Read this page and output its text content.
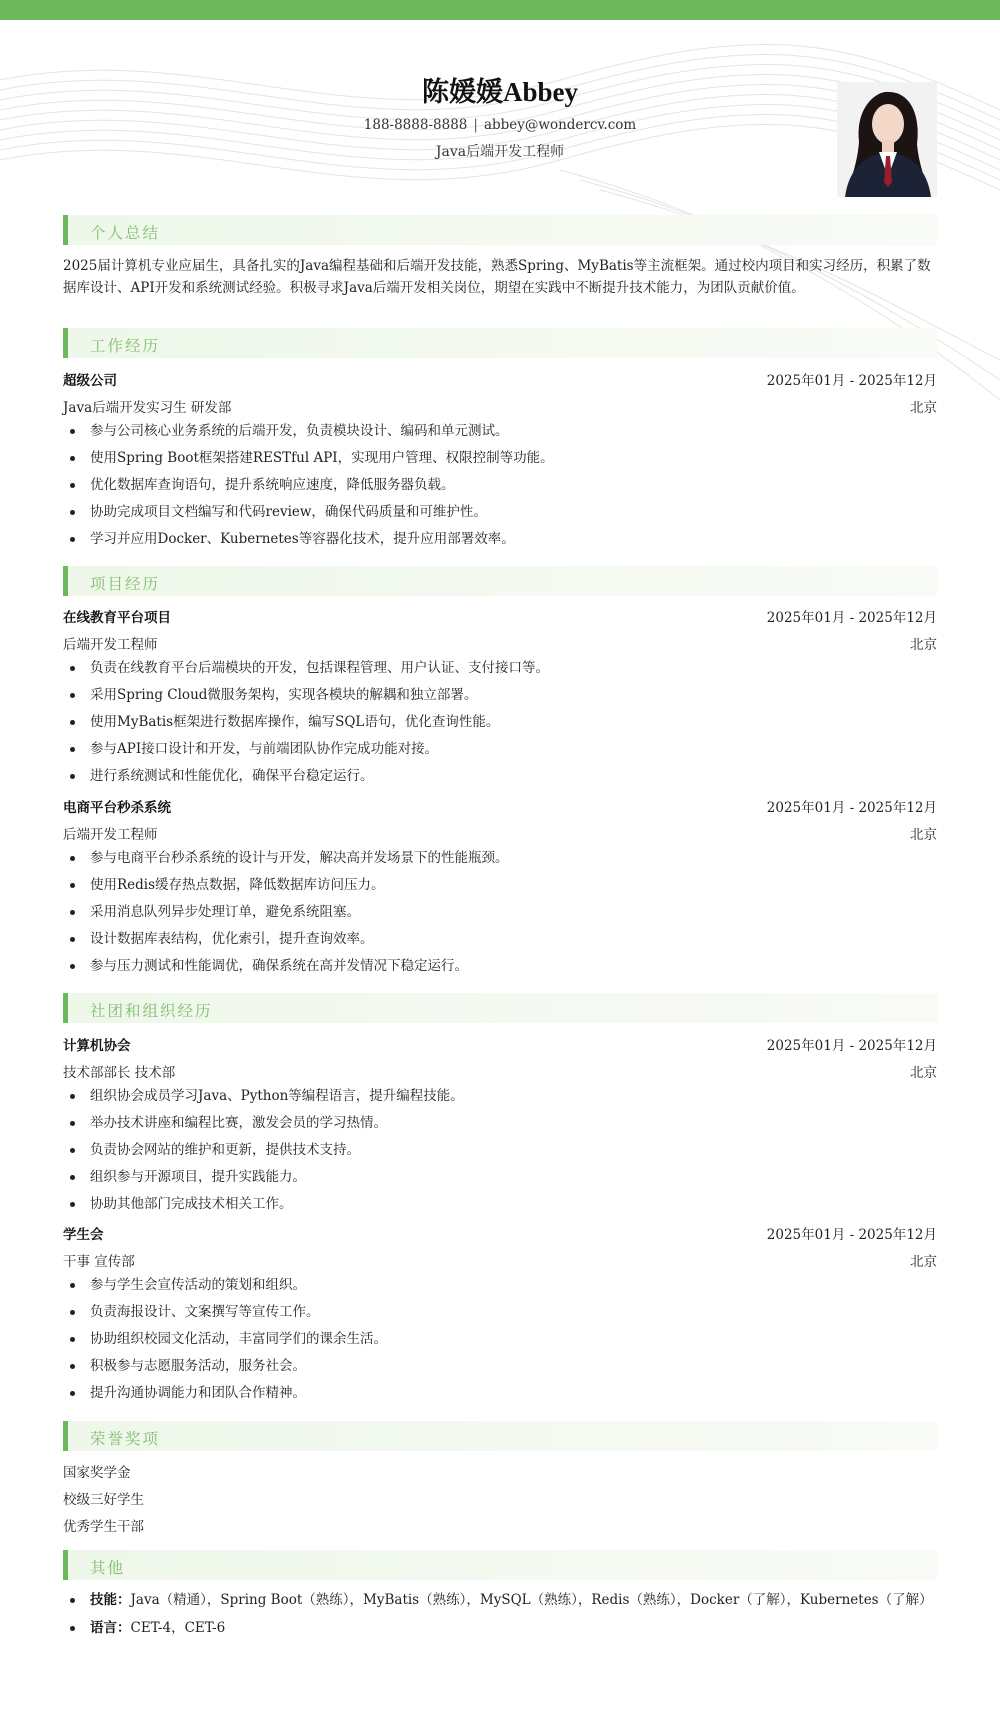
陈媛媛Abbey
188-8888-8888 | abbey@wondercv.com
Java后端开发工程师
个人总结
2025届计算机专业应届生，具备扎实的Java编程基础和后端开发技能，熟悉Spring、MyBatis等主流框架。通过校内项目和实习经历，积累了数据库设计、API开发和系统测试经验。积极寻求Java后端开发相关岗位，期望在实践中不断提升技术能力，为团队贡献价值。
工作经历
超级公司	2025年01月 - 2025年12月
Java后端开发实习生 研发部	北京
参与公司核心业务系统的后端开发，负责模块设计、编码和单元测试。
使用Spring Boot框架搭建RESTful API，实现用户管理、权限控制等功能。
优化数据库查询语句，提升系统响应速度，降低服务器负载。
协助完成项目文档编写和代码review，确保代码质量和可维护性。
学习并应用Docker、Kubernetes等容器化技术，提升应用部署效率。
项目经历
在线教育平台项目	2025年01月 - 2025年12月
后端开发工程师	北京
负责在线教育平台后端模块的开发，包括课程管理、用户认证、支付接口等。
采用Spring Cloud微服务架构，实现各模块的解耦和独立部署。
使用MyBatis框架进行数据库操作，编写SQL语句，优化查询性能。
参与API接口设计和开发，与前端团队协作完成功能对接。
进行系统测试和性能优化，确保平台稳定运行。
电商平台秒杀系统	2025年01月 - 2025年12月
后端开发工程师	北京
参与电商平台秒杀系统的设计与开发，解决高并发场景下的性能瓶颈。
使用Redis缓存热点数据，降低数据库访问压力。
采用消息队列异步处理订单，避免系统阻塞。
设计数据库表结构，优化索引，提升查询效率。
参与压力测试和性能调优，确保系统在高并发情况下稳定运行。
社团和组织经历
计算机协会	2025年01月 - 2025年12月
技术部部长 技术部	北京
组织协会成员学习Java、Python等编程语言，提升编程技能。
举办技术讲座和编程比赛，激发会员的学习热情。
负责协会网站的维护和更新，提供技术支持。
组织参与开源项目，提升实践能力。
协助其他部门完成技术相关工作。
学生会	2025年01月 - 2025年12月
干事 宣传部	北京
参与学生会宣传活动的策划和组织。
负责海报设计、文案撰写等宣传工作。
协助组织校园文化活动，丰富同学们的课余生活。
积极参与志愿服务活动，服务社会。
提升沟通协调能力和团队合作精神。
荣誉奖项
国家奖学金
校级三好学生
优秀学生干部
其他
技能：Java（精通），Spring Boot（熟练），MyBatis（熟练），MySQL（熟练），Redis（熟练），Docker（了解），Kubernetes（了解）
语言：CET-4，CET-6
